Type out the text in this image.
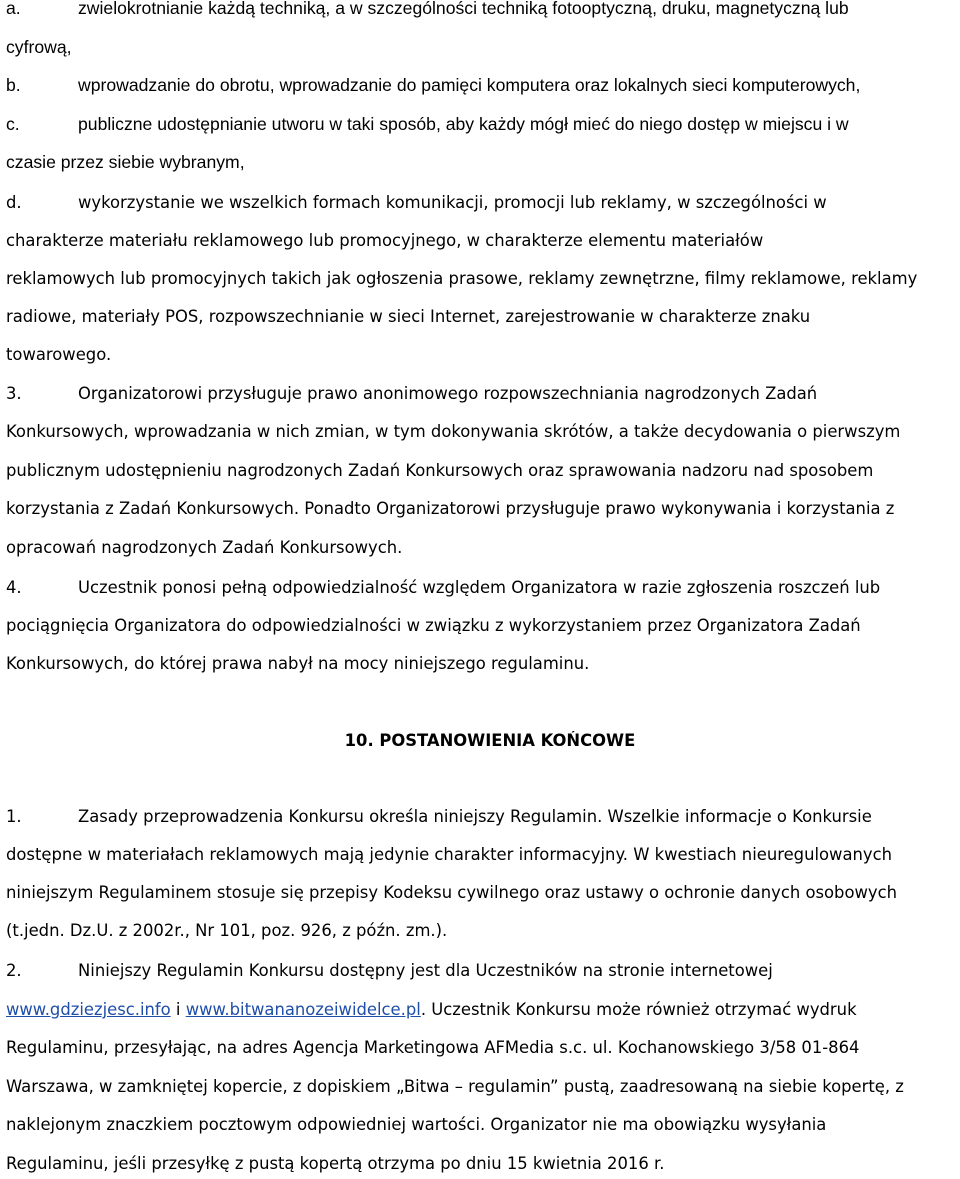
a.	zwielokrotnianie każdą techniką, a w szczególności techniką fotooptyczną, druku, magnetyczną lub
cyfrową,
b.	wprowadzanie do obrotu, wprowadzanie do pamięci komputera oraz lokalnych sieci komputerowych,
c.	publiczne udostępnianie utworu w taki sposób, aby każdy mógł mieć do niego dostęp w miejscu i w
czasie przez siebie wybranym,
d.	wykorzystanie we wszelkich formach komunikacji, promocji lub reklamy, w szczególności w
charakterze materiału reklamowego lub promocyjnego, w charakterze elementu materiałów
reklamowych lub promocyjnych takich jak ogłoszenia prasowe, reklamy zewnętrzne, filmy reklamowe, reklamy
radiowe, materiały POS, rozpowszechnianie w sieci Internet, zarejestrowanie w charakterze znaku
towarowego.
3.	Organizatorowi przysługuje prawo anonimowego rozpowszechniania nagrodzonych Zadań
Konkursowych, wprowadzania w nich zmian, w tym dokonywania skrótów, a także decydowania o pierwszym
publicznym udostępnieniu nagrodzonych Zadań Konkursowych oraz sprawowania nadzoru nad sposobem
korzystania z Zadań Konkursowych. Ponadto Organizatorowi przysługuje prawo wykonywania i korzystania z
opracowań nagrodzonych Zadań Konkursowych.
4.	Uczestnik ponosi pełną odpowiedzialność względem Organizatora w razie zgłoszenia roszczeń lub
pociągnięcia Organizatora do odpowiedzialności w związku z wykorzystaniem przez Organizatora Zadań
Konkursowych, do której prawa nabył na mocy niniejszego regulaminu.
10. POSTANOWIENIA KOŃCOWE
1.	Zasady przeprowadzenia Konkursu określa niniejszy Regulamin. Wszelkie informacje o Konkursie
dostępne w materiałach reklamowych mają jedynie charakter informacyjny. W kwestiach nieuregulowanych
niniejszym Regulaminem stosuje się przepisy Kodeksu cywilnego oraz ustawy o ochronie danych osobowych
(t.jedn. Dz.U. z 2002r., Nr 101, poz. 926, z późn. zm.).
2.	Niniejszy Regulamin Konkursu dostępny jest dla Uczestników na stronie internetowej
www.gdziezjesc.info i www.bitwananozeiwidelce.pl. Uczestnik Konkursu może również otrzymać wydruk
Regulaminu, przesyłając, na adres Agencja Marketingowa AFMedia s.c. ul. Kochanowskiego 3/58 01-864
Warszawa, w zamkniętej kopercie, z dopiskiem „Bitwa – regulamin” pustą, zaadresowaną na siebie kopertę, z
naklejonym znaczkiem pocztowym odpowiedniej wartości. Organizator nie ma obowiązku wysyłania
Regulaminu, jeśli przesyłkę z pustą kopertą otrzyma po dniu 15 kwietnia 2016 r.
